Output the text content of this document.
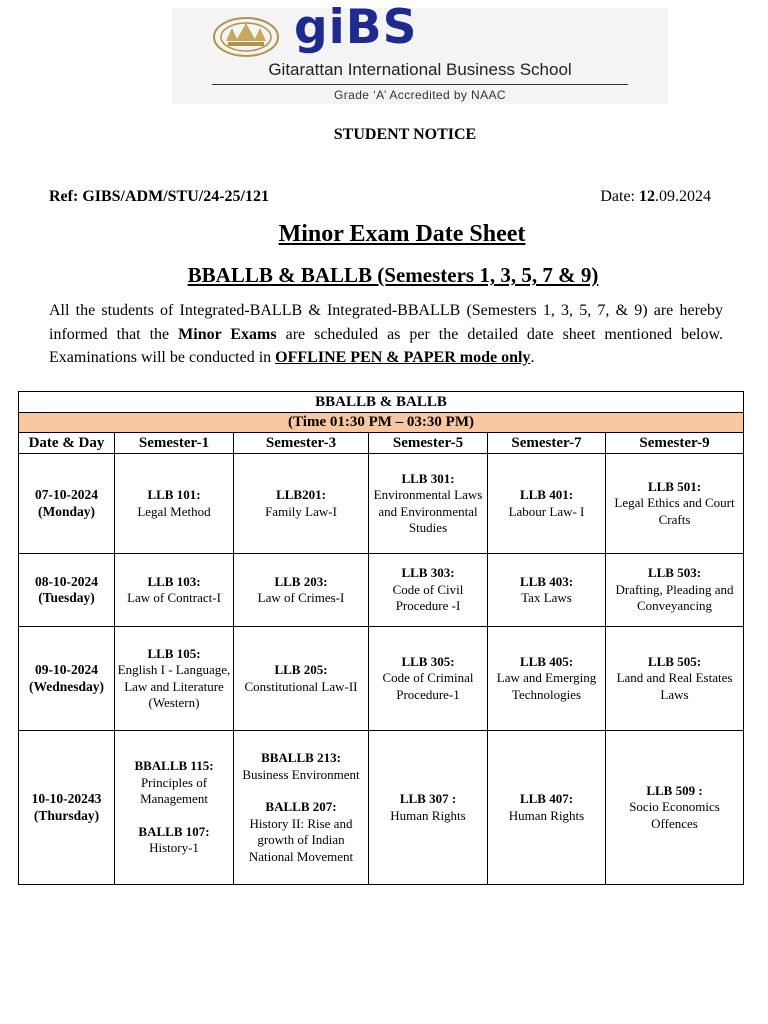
giBS
Gitarattan International Business School
Grade ‘A’ Accredited by NAAC
STUDENT NOTICE
Ref: GIBS/ADM/STU/24-25/121	Date: 12.09.2024
Minor Exam Date Sheet
BBALLB & BALLB (Semesters 1, 3, 5, 7 & 9)

All the students of Integrated-BALLB & Integrated-BBALLB (Semesters 1, 3, 5, 7, & 9) are hereby informed that the Minor Exams are scheduled as per the detailed date sheet mentioned below. Examinations will be conducted in OFFLINE PEN & PAPER mode only.

BBALLB & BALLB					
(Time 01:30 PM – 03:30 PM)					
Date & Day	Semester-1	Semester-3	Semester-5	Semester-7	Semester-9

07-10-2024
(Monday)	LLB 101:
Legal Method	LLB201:
Family Law-I	LLB 301:
Environmental Laws and Environmental Studies	LLB 401:
Labour Law- I	LLB 501:
Legal Ethics and Court Crafts

08-10-2024
(Tuesday)	LLB 103:
Law of Contract-I	LLB 203:
Law of Crimes-I	LLB 303:
Code of Civil Procedure -I	LLB 403:
Tax Laws	LLB 503:
Drafting, Pleading and Conveyancing

09-10-2024
(Wednesday)	LLB 105:
English I - Language, Law and Literature (Western)	LLB 205:
Constitutional Law-II	LLB 305:
Code of Criminal Procedure-1	LLB 405:
Law and Emerging Technologies	LLB 505:
Land and Real Estates Laws

10-10-20243
(Thursday)	BBALLB 115:
Principles of Management
BALLB 107:
History-1	BBALLB 213:
Business Environment
BALLB 207:
History II: Rise and growth of Indian National Movement	LLB 307 :
Human Rights	LLB 407:
Human Rights	LLB 509 :
Socio Economics Offences
